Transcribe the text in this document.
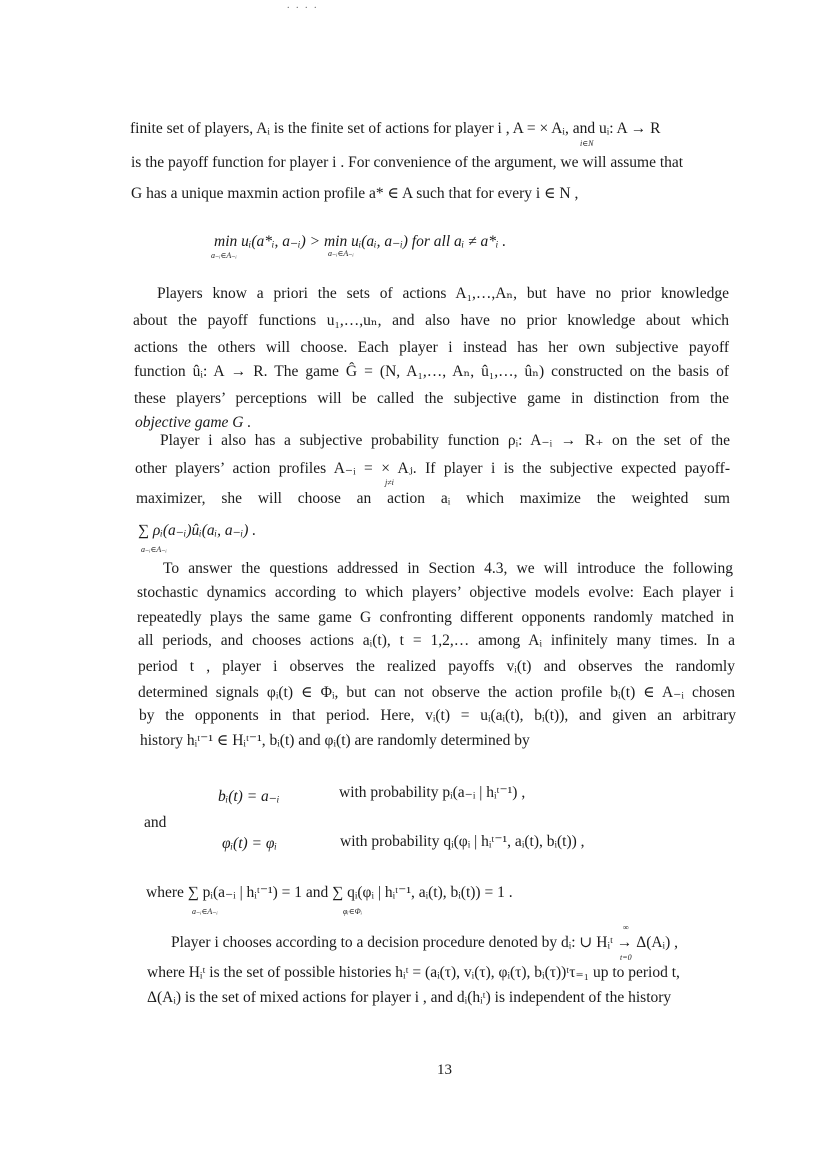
. . . .
finite set of players, Aᵢ is the finite set of actions for player i , A = × Aᵢ, and uᵢ: A → R
i∈N
is the payoff function for player i . For convenience of the argument, we will assume that
G has a unique maxmin action profile a* ∈ A such that for every i ∈ N ,
min uᵢ(a*ᵢ, a₋ᵢ) > min uᵢ(aᵢ, a₋ᵢ) for all aᵢ ≠ a*ᵢ .
a₋ᵢ∈A₋ᵢ	a₋ᵢ∈A₋ᵢ
Players know a priori the sets of actions A₁,…,Aₙ, but have no prior knowledge
about the payoff functions u₁,…,uₙ, and also have no prior knowledge about which
actions the others will choose. Each player i instead has her own subjective payoff
function ûᵢ: A → R. The game Ĝ = (N, A₁,…, Aₙ, û₁,…, ûₙ) constructed on the basis of
these players’ perceptions will be called the subjective game in distinction from the
objective game G .
Player i also has a subjective probability function ρᵢ: A₋ᵢ → R₊ on the set of the
other players’ action profiles A₋ᵢ = × Aⱼ. If player i is the subjective expected payoff-
j≠i
maximizer, she will choose an action aᵢ which maximize the weighted sum
∑ ρᵢ(a₋ᵢ)ûᵢ(aᵢ, a₋ᵢ) .
a₋ᵢ∈A₋ᵢ
To answer the questions addressed in Section 4.3, we will introduce the following
stochastic dynamics according to which players’ objective models evolve: Each player i
repeatedly plays the same game G confronting different opponents randomly matched in
all periods, and chooses actions aᵢ(t), t = 1,2,… among Aᵢ infinitely many times. In a
period t , player i observes the realized payoffs vᵢ(t) and observes the randomly
determined signals φᵢ(t) ∈ Φᵢ, but can not observe the action profile bᵢ(t) ∈ A₋ᵢ chosen
by the opponents in that period. Here, vᵢ(t) = uᵢ(aᵢ(t), bᵢ(t)), and given an arbitrary
history hᵢᵗ⁻¹ ∈ Hᵢᵗ⁻¹, bᵢ(t) and φᵢ(t) are randomly determined by
bᵢ(t) = a₋ᵢ	with probability pᵢ(a₋ᵢ | hᵢᵗ⁻¹) ,
and
φᵢ(t) = φᵢ	with probability qᵢ(φᵢ | hᵢᵗ⁻¹, aᵢ(t), bᵢ(t)) ,
where ∑ pᵢ(a₋ᵢ | hᵢᵗ⁻¹) = 1 and ∑ qᵢ(φᵢ | hᵢᵗ⁻¹, aᵢ(t), bᵢ(t)) = 1 .
a₋ᵢ∈A₋ᵢ	φᵢ∈Φᵢ
Player i chooses according to a decision procedure denoted by dᵢ: ∪ Hᵢᵗ → Δ(Aᵢ) ,
∞
t=0
where Hᵢᵗ is the set of possible histories hᵢᵗ = (aᵢ(τ), vᵢ(τ), φᵢ(τ), bᵢ(τ))ᵗτ₌₁ up to period t,
Δ(Aᵢ) is the set of mixed actions for player i , and dᵢ(hᵢᵗ) is independent of the history
13
